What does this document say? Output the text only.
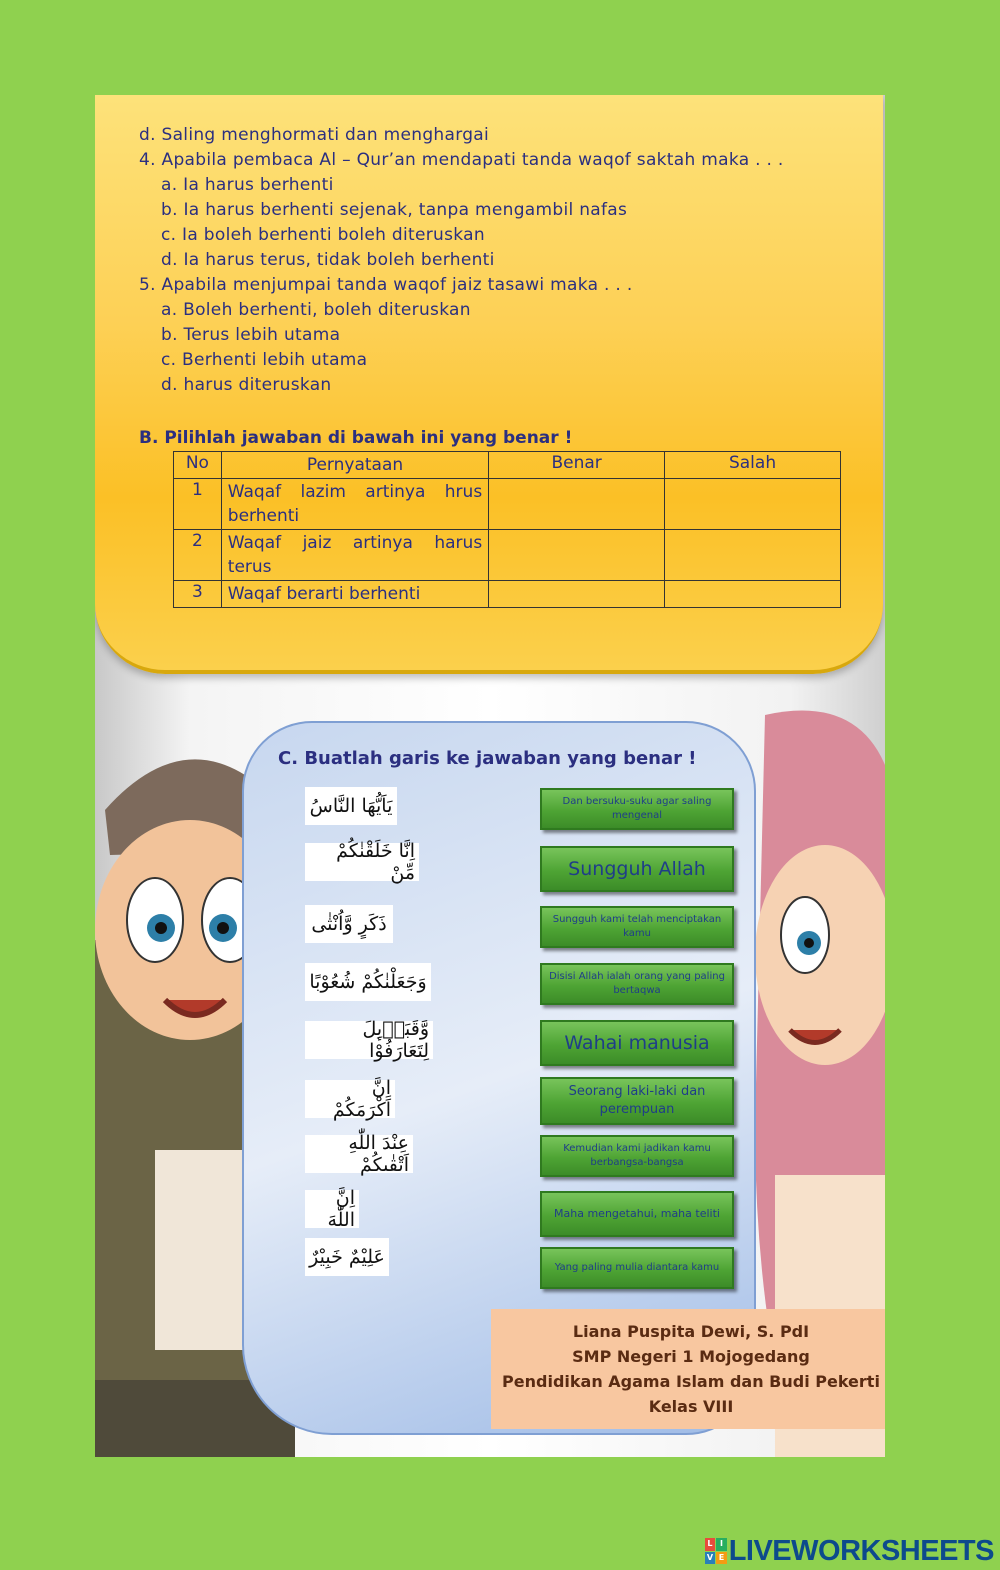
d. Saling menghormati dan menghargai
4. Apabila pembaca Al – Qur’an mendapati tanda waqof saktah maka . . .
a. Ia harus berhenti
b. Ia harus berhenti sejenak, tanpa mengambil nafas
c. Ia boleh berhenti boleh diteruskan
d. Ia harus terus, tidak boleh berhenti
5. Apabila menjumpai tanda waqof jaiz tasawi maka . . .
a. Boleh berhenti, boleh diteruskan
b. Terus lebih utama
c. Berhenti lebih utama
d. harus diteruskan
B. Pilihlah jawaban di bawah ini yang benar !
No	Pernyataan	Benar	Salah
1	Waqaf lazim artinya hrus berhenti		
2	Waqaf jaiz artinya harus terus		
3	Waqaf berarti berhenti		
C. Buatlah garis ke jawaban yang benar !
يَاَيُّهَا النَّاسُ
اِنَّا خَلَقْنٰكُمْ مِّنْ
ذَكَرٍ وَّاُنْثٰى
وَجَعَلْنٰكُمْ شُعُوْبًا
وَّقَبَاۤىِٕلَ لِتَعَارَفُوْا
اِنَّ اَكْرَمَكُمْ
عِنْدَ اللّٰهِ اَتْقٰىكُمْ
اِنَّ اللّٰهَ
عَلِيْمٌ خَبِيْرٌ
Dan bersuku-suku agar saling mengenal
Sungguh Allah
Sungguh kami telah menciptakan kamu
Disisi Allah ialah orang yang paling bertaqwa
Wahai manusia
Seorang laki-laki dan perempuan
Kemudian kami jadikan kamu berbangsa-bangsa
Maha mengetahui, maha teliti
Yang paling mulia diantara kamu
Liana Puspita Dewi, S. PdI
SMP Negeri 1 Mojogedang
Pendidikan Agama Islam dan Budi Pekerti
Kelas VIII
L I
V E LIVEWORKSHEETS
